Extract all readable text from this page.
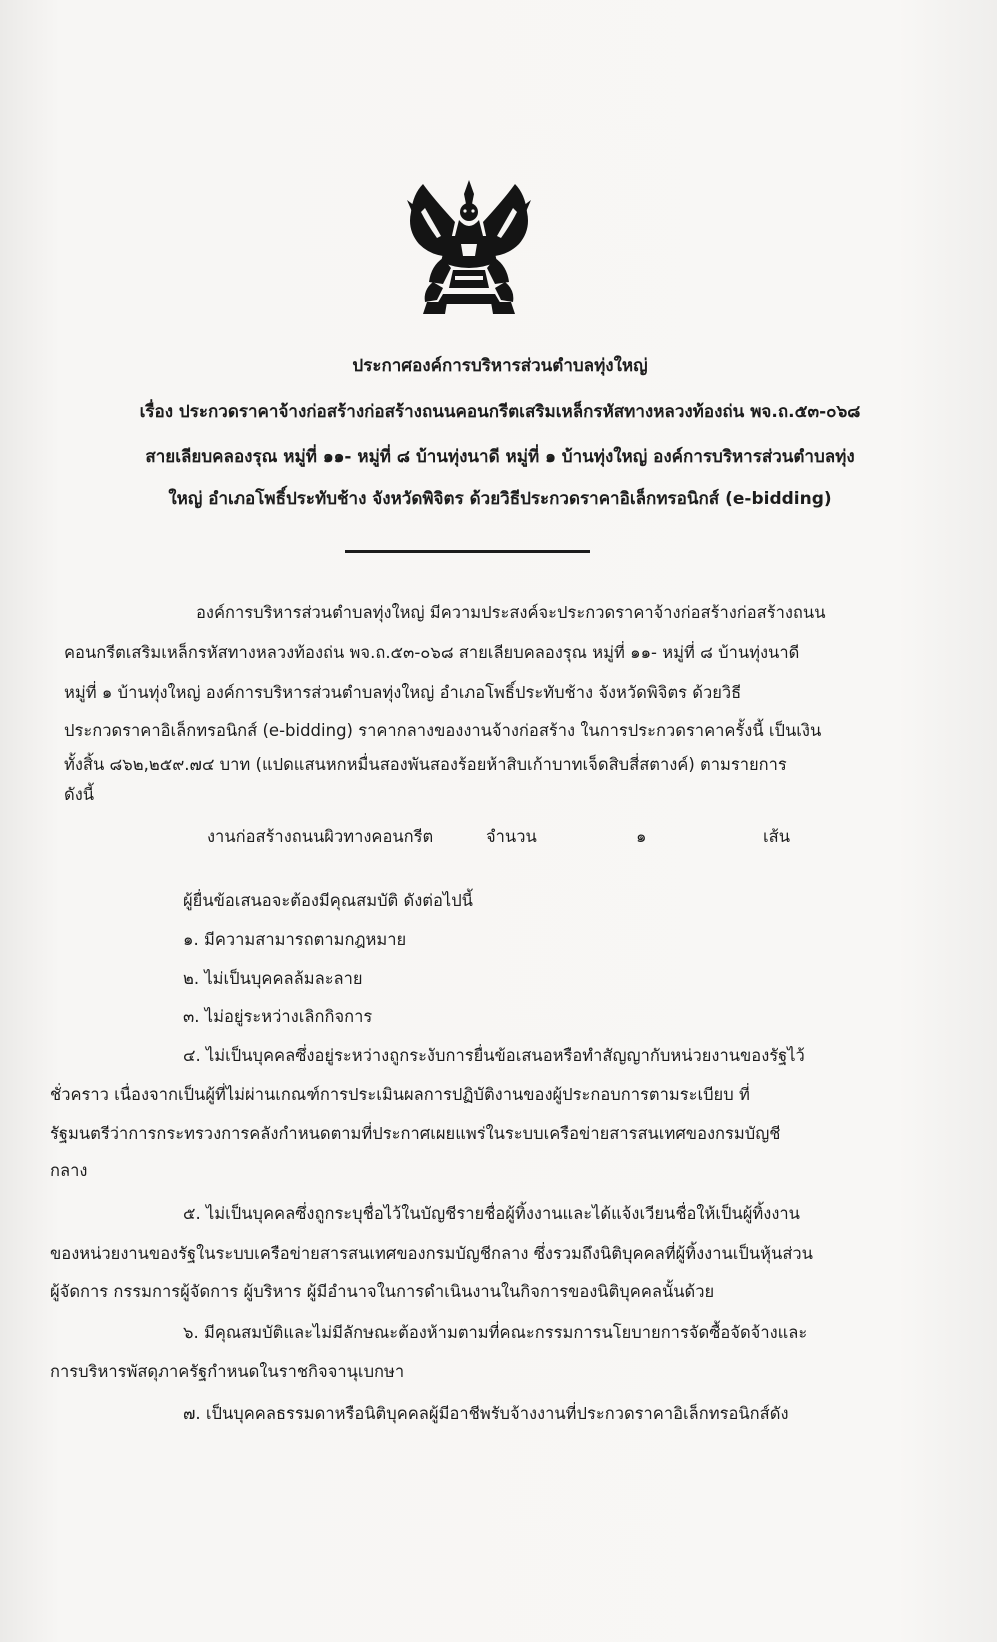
ประกาศองค์การบริหารส่วนตำบลทุ่งใหญ่
เรื่อง ประกวดราคาจ้างก่อสร้างก่อสร้างถนนคอนกรีตเสริมเหล็กรหัสทางหลวงท้องถ่น พจ.ถ.๕๓-๐๖๘
สายเลียบคลองรุณ หมู่ที่ ๑๑- หมู่ที่ ๘ บ้านทุ่งนาดี หมู่ที่ ๑ บ้านทุ่งใหญ่ องค์การบริหารส่วนตำบลทุ่ง
ใหญ่ อำเภอโพธิ์ประทับช้าง จังหวัดพิจิตร ด้วยวิธีประกวดราคาอิเล็กทรอนิกส์ (e-bidding)
องค์การบริหารส่วนตำบลทุ่งใหญ่ มีความประสงค์จะประกวดราคาจ้างก่อสร้างก่อสร้างถนน
คอนกรีตเสริมเหล็กรหัสทางหลวงท้องถ่น พจ.ถ.๕๓-๐๖๘ สายเลียบคลองรุณ หมู่ที่ ๑๑- หมู่ที่ ๘ บ้านทุ่งนาดี
หมู่ที่ ๑ บ้านทุ่งใหญ่ องค์การบริหารส่วนตำบลทุ่งใหญ่ อำเภอโพธิ์ประทับช้าง จังหวัดพิจิตร ด้วยวิธี
ประกวดราคาอิเล็กทรอนิกส์ (e-bidding) ราคากลางของงานจ้างก่อสร้าง ในการประกวดราคาครั้งนี้ เป็นเงิน
ทั้งสิ้น ๘๖๒,๒๕๙.๗๔ บาท (แปดแสนหกหมื่นสองพันสองร้อยห้าสิบเก้าบาทเจ็ดสิบสี่สตางค์) ตามรายการ
ดังนี้
งานก่อสร้างถนนผิวทางคอนกรีต	จำนวน	๑	เส้น
ผู้ยื่นข้อเสนอจะต้องมีคุณสมบัติ ดังต่อไปนี้
๑. มีความสามารถตามกฎหมาย
๒. ไม่เป็นบุคคลล้มละลาย
๓. ไม่อยู่ระหว่างเลิกกิจการ
๔. ไม่เป็นบุคคลซึ่งอยู่ระหว่างถูกระงับการยื่นข้อเสนอหรือทำสัญญากับหน่วยงานของรัฐไว้
ชั่วคราว เนื่องจากเป็นผู้ที่ไม่ผ่านเกณฑ์การประเมินผลการปฏิบัติงานของผู้ประกอบการตามระเบียบ ที่
รัฐมนตรีว่าการกระทรวงการคลังกำหนดตามที่ประกาศเผยแพร่ในระบบเครือข่ายสารสนเทศของกรมบัญชี
กลาง
๕. ไม่เป็นบุคคลซึ่งถูกระบุชื่อไว้ในบัญชีรายชื่อผู้ทิ้งงานและได้แจ้งเวียนชื่อให้เป็นผู้ทิ้งงาน
ของหน่วยงานของรัฐในระบบเครือข่ายสารสนเทศของกรมบัญชีกลาง ซึ่งรวมถึงนิติบุคคลที่ผู้ทิ้งงานเป็นหุ้นส่วน
ผู้จัดการ กรรมการผู้จัดการ ผู้บริหาร ผู้มีอำนาจในการดำเนินงานในกิจการของนิติบุคคลนั้นด้วย
๖. มีคุณสมบัติและไม่มีลักษณะต้องห้ามตามที่คณะกรรมการนโยบายการจัดซื้อจัดจ้างและ
การบริหารพัสดุภาครัฐกำหนดในราชกิจจานุเบกษา
๗. เป็นบุคคลธรรมดาหรือนิติบุคคลผู้มีอาชีพรับจ้างงานที่ประกวดราคาอิเล็กทรอนิกส์ดัง
